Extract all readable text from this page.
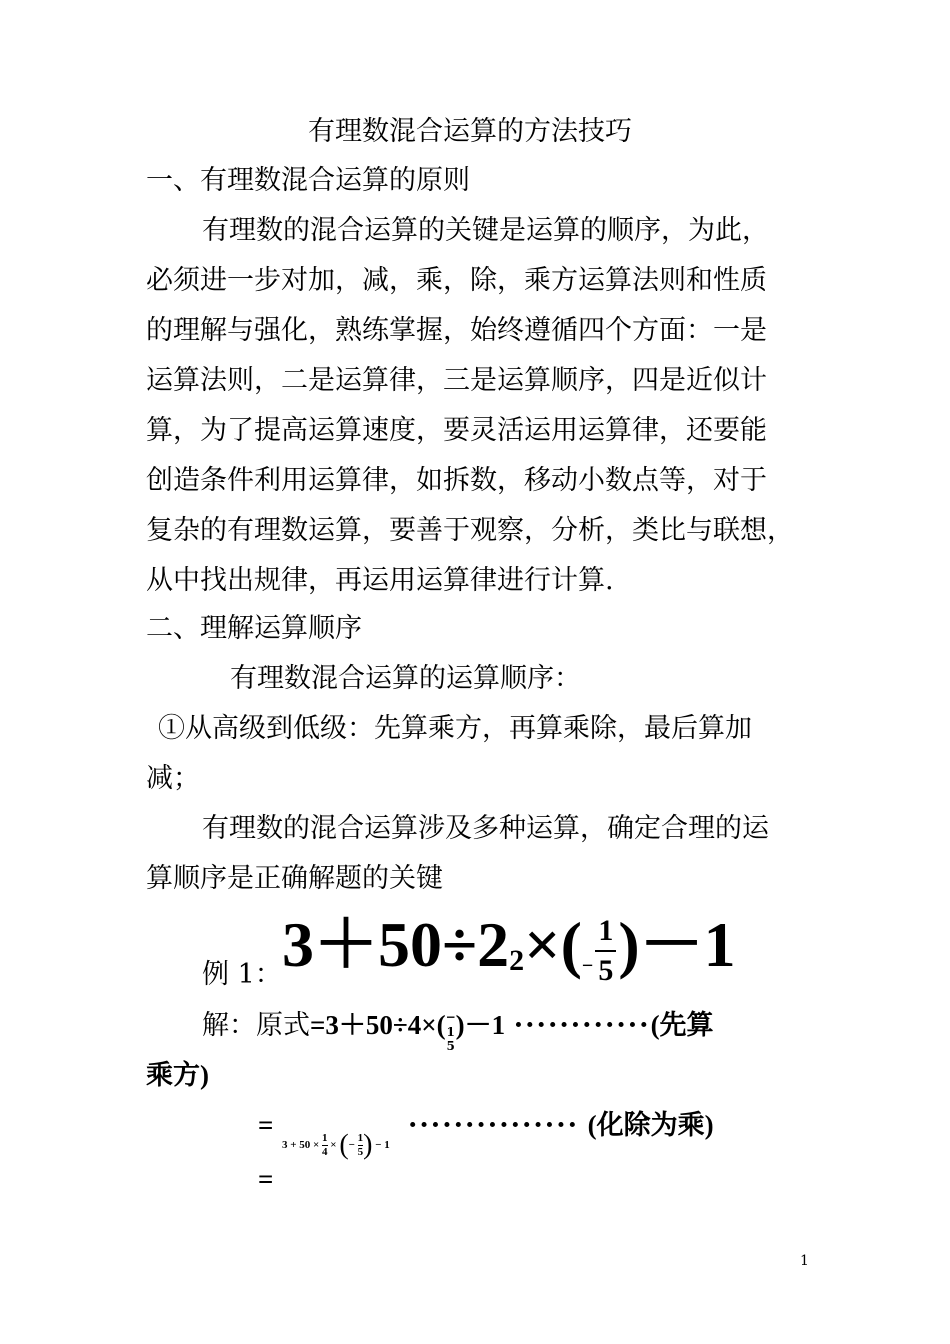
有理数混合运算的方法技巧
一、有理数混合运算的原则
有理数的混合运算的关键是运算的顺序，为此，
必须进一步对加，减，乘，除，乘方运算法则和性质
的理解与强化，熟练掌握，始终遵循四个方面：一是
运算法则，二是运算律，三是运算顺序，四是近似计
算，为了提高运算速度，要灵活运用运算律，还要能
创造条件利用运算律，如拆数，移动小数点等，对于
复杂的有理数运算，要善于观察，分析，类比与联想，
从中找出规律，再运用运算律进行计算.
二、理解运算顺序
有理数混合运算的运算顺序：
①从高级到低级：先算乘方，再算乘除，最后算加
减；
有理数的混合运算涉及多种运算，确定合理的运
算顺序是正确解题的关键
例 1： $3+50\div 22\times(- \frac{1}{5} )-1$
解：原式=3＋50÷4×( −
1
5
)－1 ············(先算
乘方)
= $_{3 + 50 \times \frac{1}{4} \times (- \frac{1}{5} ) - 1}$
··············· (化除为乘)
=
1
